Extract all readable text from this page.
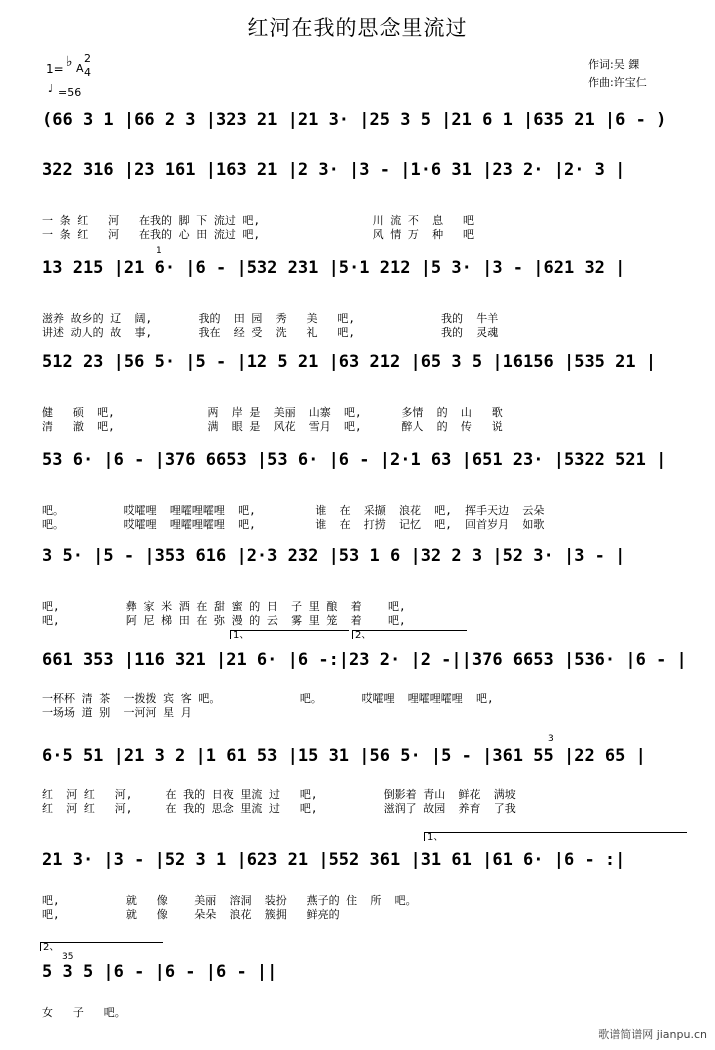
红河在我的思念里流过
作词:吴 錁
作曲:许宝仁
1= ♭ A
2
4
♩ =56
(66 3 1 |66 2 3 |323 21 |21 3· |25 3 5 |21 6 1 |635 21 |6 - )
322 316 |23 161 |163 21 |2 3· |3 - |1·6 31 |23 2· |2· 3 |
一 条 红   河   在我的 脚 下 流过 吧,                 川 流 不  息   吧
一 条 红   河   在我的 心 田 流过 吧,                 风 情 万  种   吧
13 215 |21 6· |6 - |532 231 |5·1 212 |5 3· |3 - |621 32 |
1
滋养 故乡的 辽  阔,       我的  田 园  秀   美   吧,             我的  牛羊
讲述 动人的 故  事,       我在  经 受  洗   礼   吧,             我的  灵魂
512 23 |56 5· |5 - |12 5 21 |63 212 |65 3 5 |16156 |535 21 |
健   硕  吧,              两  岸 是  美丽  山寨  吧,      多情  的  山   歌
清   澈  吧,              满  眼 是  风花  雪月  吧,      醉人  的  传   说
53 6· |6 - |376 6653 |53 6· |6 - |2·1 63 |651 23· |5322 521 |
吧。         哎嚯哩  哩嚯哩嚯哩  吧,         谁  在  采撷  浪花  吧,  挥手天边  云朵
吧。         哎嚯哩  哩嚯哩嚯哩  吧,         谁  在  打捞  记忆  吧,  回首岁月  如歌
3 5· |5 - |353 616 |2·3 232 |53 1 6 |32 2 3 |52 3· |3 - |
吧,          彝 家 米 酒 在 甜 蜜 的 日  子 里 酿  着    吧,
吧,          阿 尼 梯 田 在 弥 漫 的 云  雾 里 笼  着    吧,
1、	2、
661 353 |116 321 |21 6· |6 -:|23 2· |2 -||376 6653 |536· |6 - |
一杯杯 清 茶  一拨拨 宾 客 吧。            吧。      哎嚯哩  哩嚯哩嚯哩  吧,
一场场 道 别  一河河 星 月
3
6·5 51 |21 3 2 |1 61 53 |15 31 |56 5· |5 - |361 55 |22 65 |
红  河 红   河,     在 我的 日夜 里流 过   吧,          倒影着 青山  鲜花  满坡
红  河 红   河,     在 我的 思念 里流 过   吧,          滋润了 故园  养育  了我
1、
21 3· |3 - |52 3 1 |623 21 |552 361 |31 61 |61 6· |6 - :|
吧,          就   像    美丽  溶洞  装扮   燕子的 住  所  吧。
吧,          就   像    朵朵  浪花  簇拥   鲜亮的
2、
35
5 3 5 |6 - |6 - |6 - ||
女   子   吧。
歌谱简谱网 jianpu.cn
